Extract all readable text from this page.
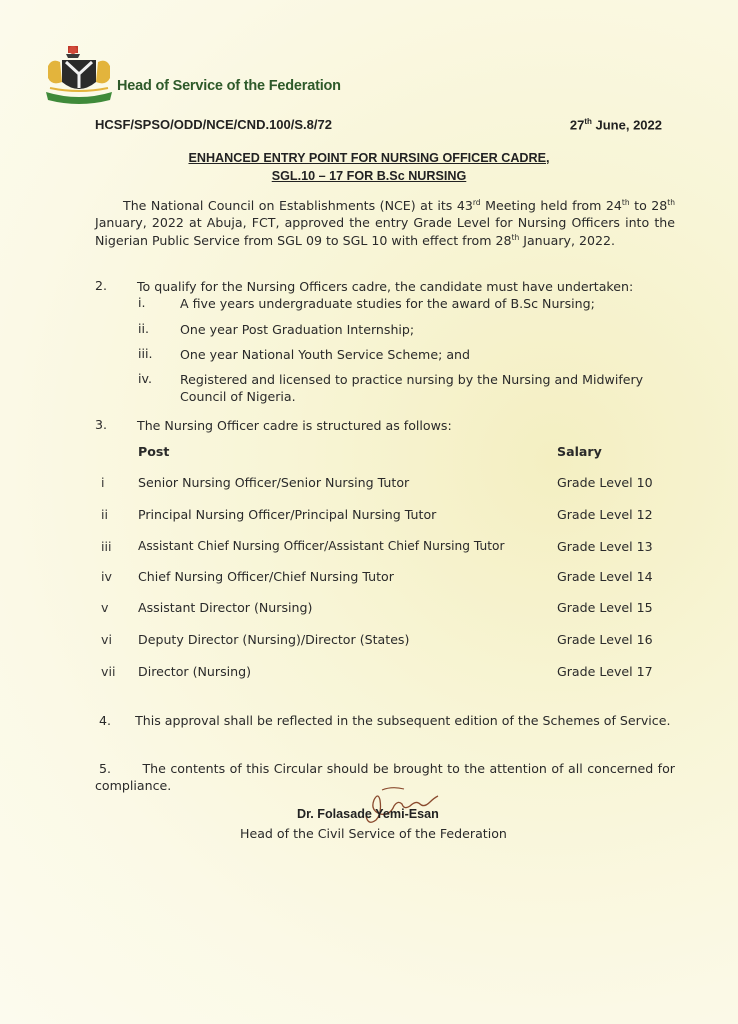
Head of Service of the Federation
HCSF/SPSO/ODD/NCE/CND.100/S.8/72	27th June, 2022
ENHANCED ENTRY POINT FOR NURSING OFFICER CADRE,
SGL.10 – 17 FOR B.Sc NURSING
The National Council on Establishments (NCE) at its 43rd Meeting held from 24th to 28th January, 2022 at Abuja, FCT, approved the entry Grade Level for Nursing Officers into the Nigerian Public Service from SGL 09 to SGL 10 with effect from 28th January, 2022.
2. To qualify for the Nursing Officers cadre, the candidate must have undertaken:
i.	A five years undergraduate studies for the award of B.Sc Nursing;
ii. One year Post Graduation Internship;
iii. One year National Youth Service Scheme; and
iv. Registered and licensed to practice nursing by the Nursing and Midwifery Council of Nigeria.
3. The Nursing Officer cadre is structured as follows:
Post	Salary
i	Senior Nursing Officer/Senior Nursing Tutor	Grade Level 10
ii Principal Nursing Officer/Principal Nursing Tutor	Grade Level 12
iii Assistant Chief Nursing Officer/Assistant Chief Nursing Tutor	Grade Level 13
iv Chief Nursing Officer/Chief Nursing Tutor	Grade Level 14
v Assistant Director (Nursing)	Grade Level 15
vi Deputy Director (Nursing)/Director (States)	Grade Level 16
vii Director (Nursing)	Grade Level 17
4. This approval shall be reflected in the subsequent edition of the Schemes of Service.
5. The contents of this Circular should be brought to the attention of all concerned for compliance.
Dr. Folasade Yemi-Esan
Head of the Civil Service of the Federation
